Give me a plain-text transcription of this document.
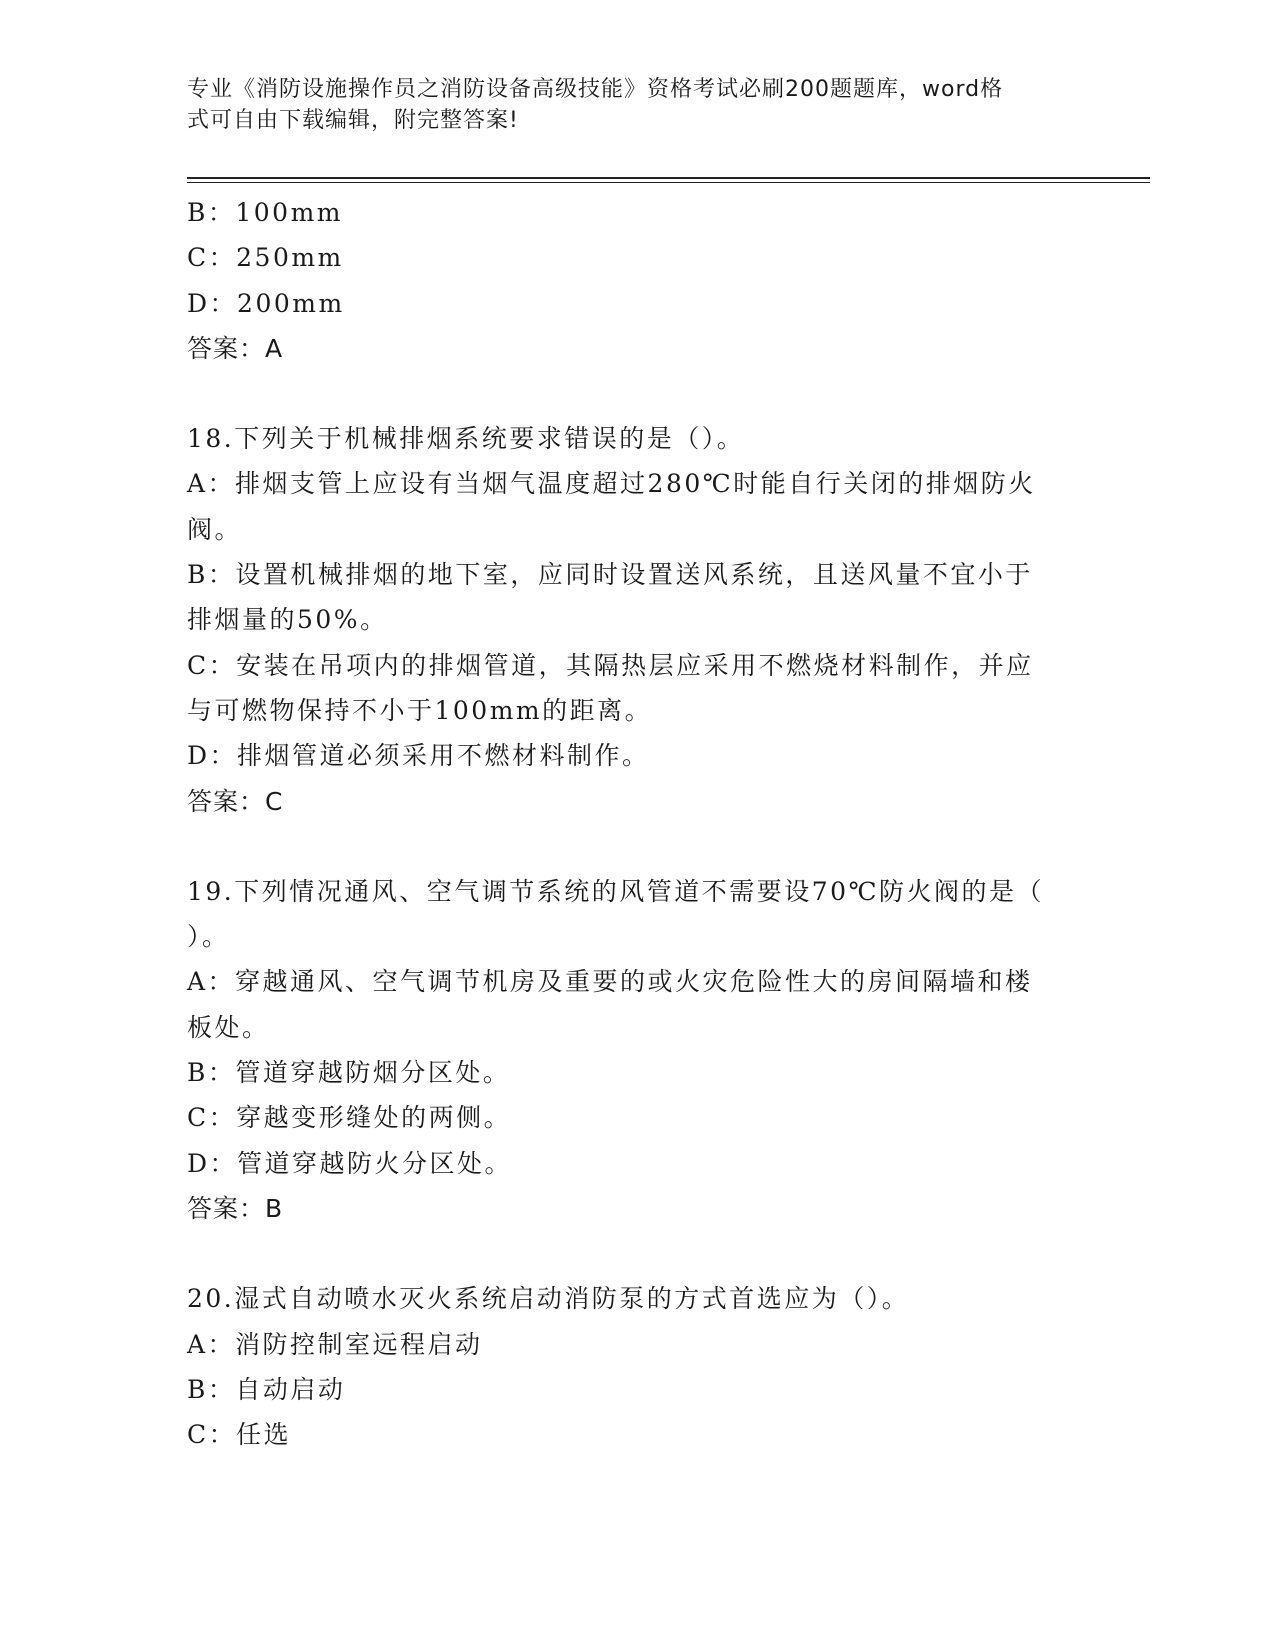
专业《消防设施操作员之消防设备高级技能》资格考试必刷200题题库，word格
式可自由下载编辑，附完整答案!
B：100mm
C：250mm
D：200mm
答案：A
18.下列关于机械排烟系统要求错误的是（）。
A：排烟支管上应设有当烟气温度超过280℃时能自行关闭的排烟防火
阀。
B：设置机械排烟的地下室，应同时设置送风系统，且送风量不宜小于
排烟量的50%。
C：安装在吊项内的排烟管道，其隔热层应采用不燃烧材料制作，并应
与可燃物保持不小于100mm的距离。
D：排烟管道必须采用不燃材料制作。
答案：C
19.下列情况通风、空气调节系统的风管道不需要设70℃防火阀的是（
）。
A：穿越通风、空气调节机房及重要的或火灾危险性大的房间隔墙和楼
板处。
B：管道穿越防烟分区处。
C：穿越变形缝处的两侧。
D：管道穿越防火分区处。
答案：B
20.湿式自动喷水灭火系统启动消防泵的方式首选应为（）。
A：消防控制室远程启动
B：自动启动
C：任选
